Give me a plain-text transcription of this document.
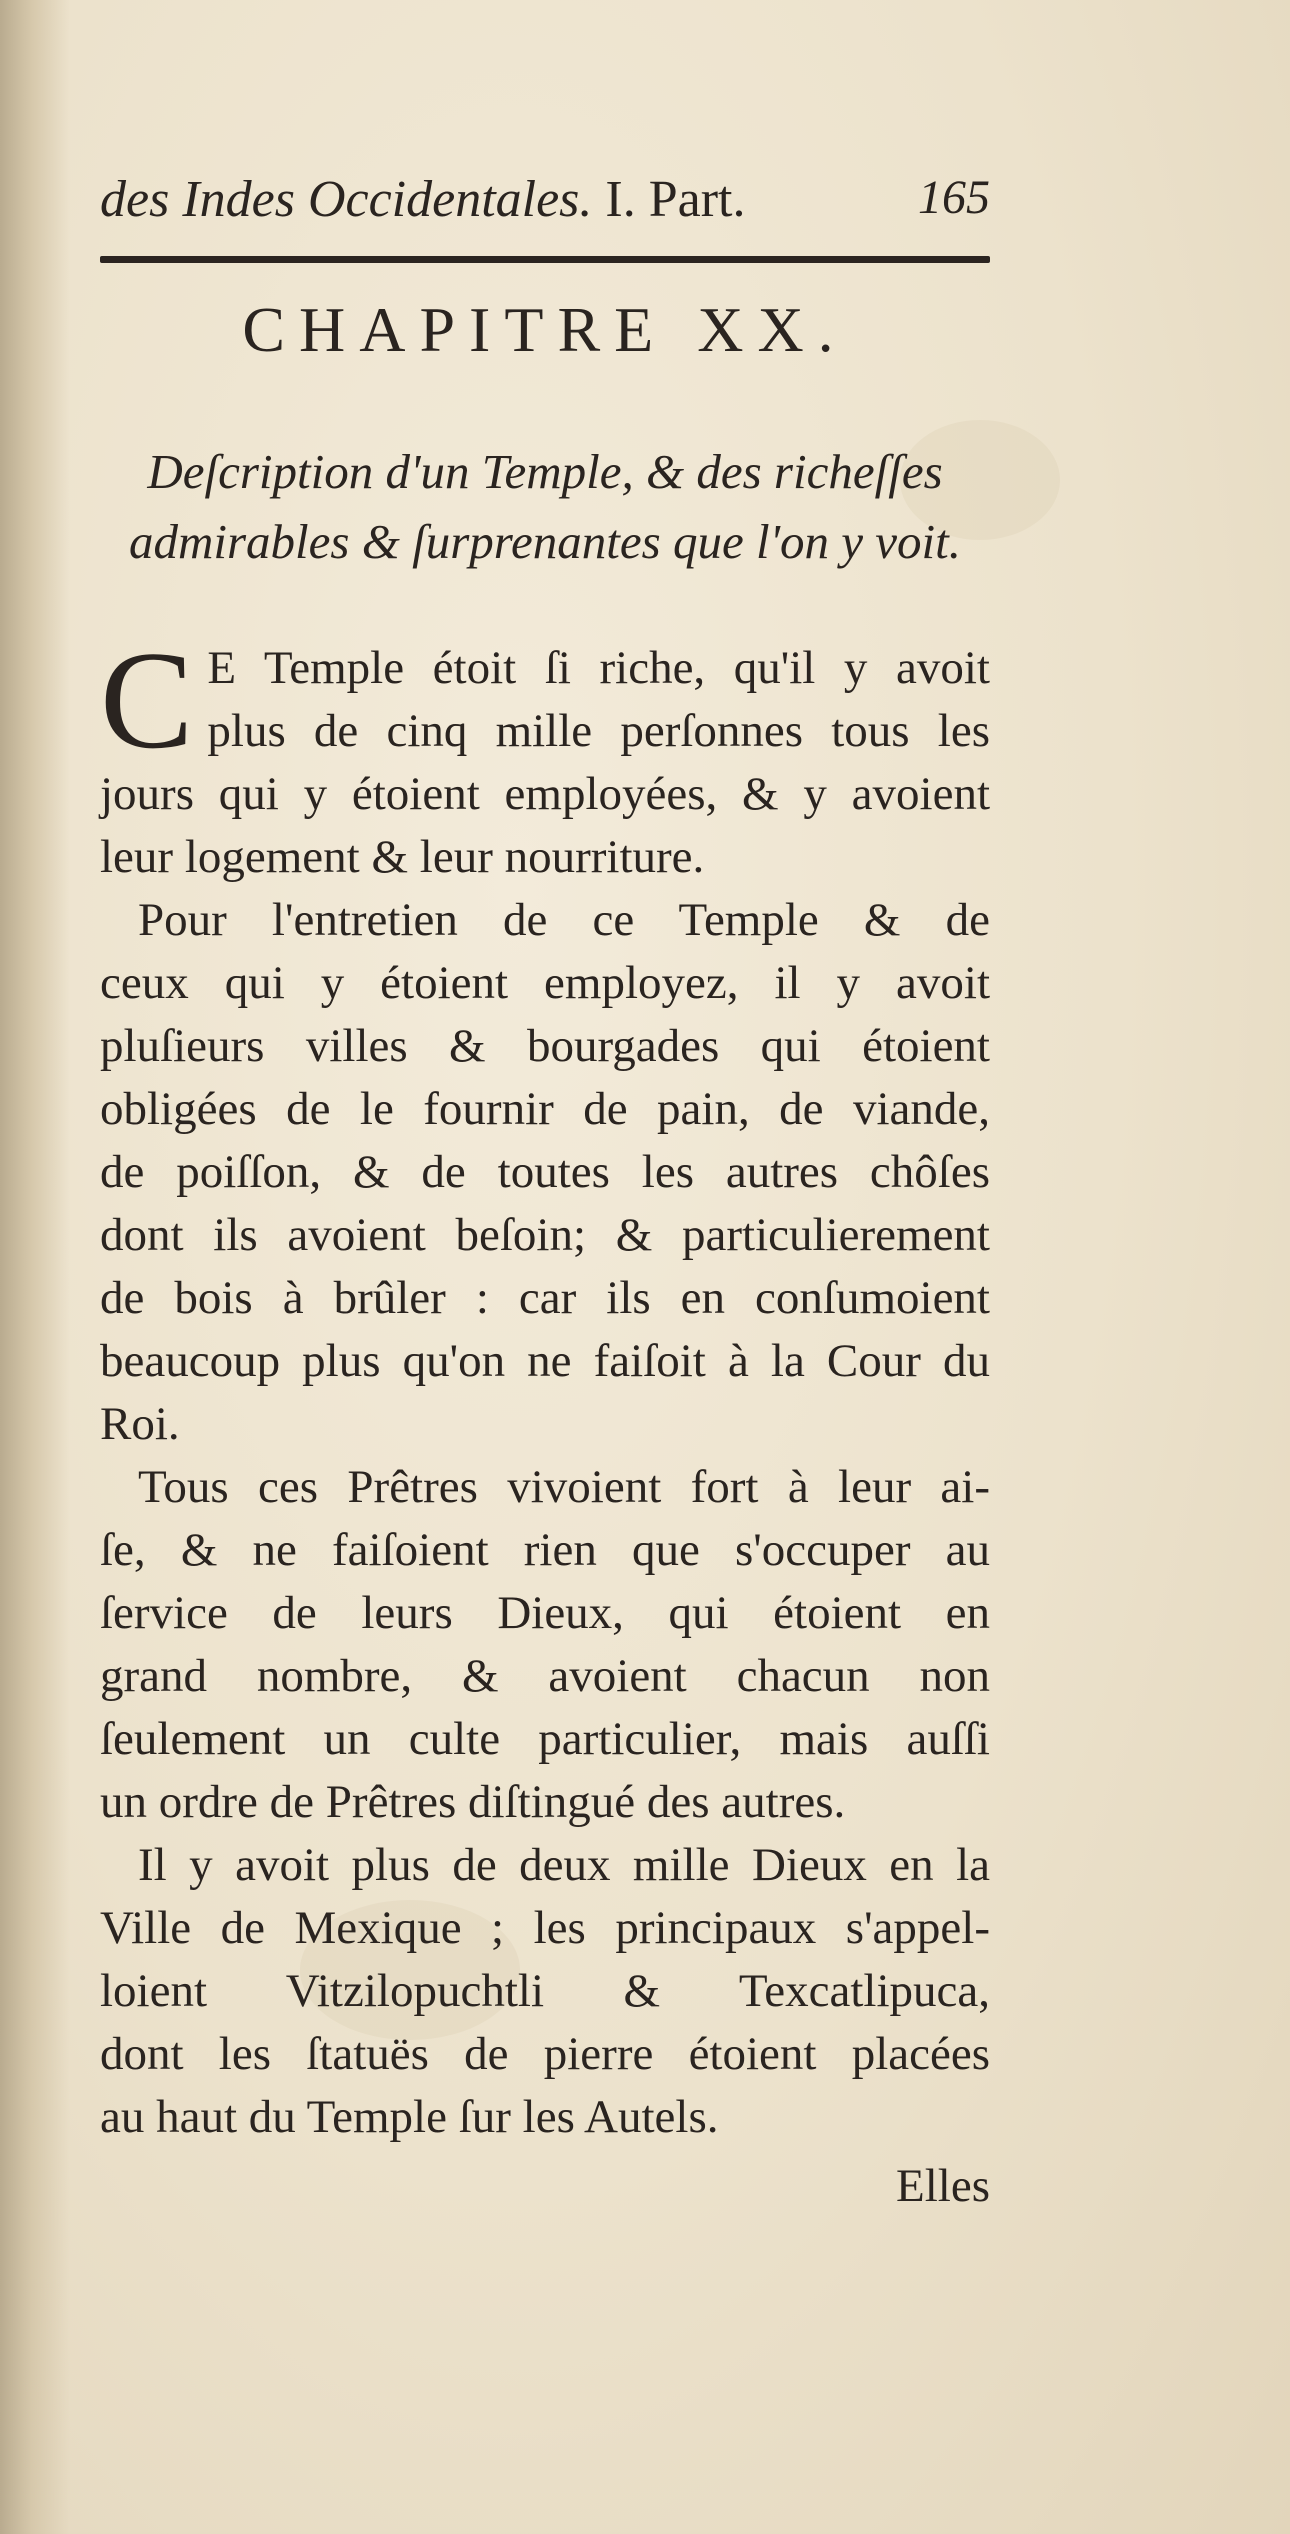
des Indes Occidentales. I. Part.	165
CHAPITRE XX.
Deſcription d'un Temple, & des richeſſes
admirables & ſurprenantes que l'on y voit.
C E Temple étoit ſi riche, qu'il y avoit
plus de cinq mille perſonnes tous les
jours qui y étoient employées, & y avoient
leur logement & leur nourriture.
Pour l'entretien de ce Temple & de
ceux qui y étoient employez, il y avoit
pluſieurs villes & bourgades qui étoient
obligées de le fournir de pain, de viande,
de poiſſon, & de toutes les autres chôſes
dont ils avoient beſoin; & particulierement
de bois à brûler : car ils en conſumoient
beaucoup plus qu'on ne faiſoit à la Cour du
Roi.
Tous ces Prêtres vivoient fort à leur ai-
ſe, & ne faiſoient rien que s'occuper au
ſervice de leurs Dieux, qui étoient en
grand nombre, & avoient chacun non
ſeulement un culte particulier, mais auſſi
un ordre de Prêtres diſtingué des autres.
Il y avoit plus de deux mille Dieux en la
Ville de Mexique ; les principaux s'appel-
loient Vitzilopuchtli & Texcatlipuca,
dont les ſtatuës de pierre étoient placées
au haut du Temple ſur les Autels.
Elles
